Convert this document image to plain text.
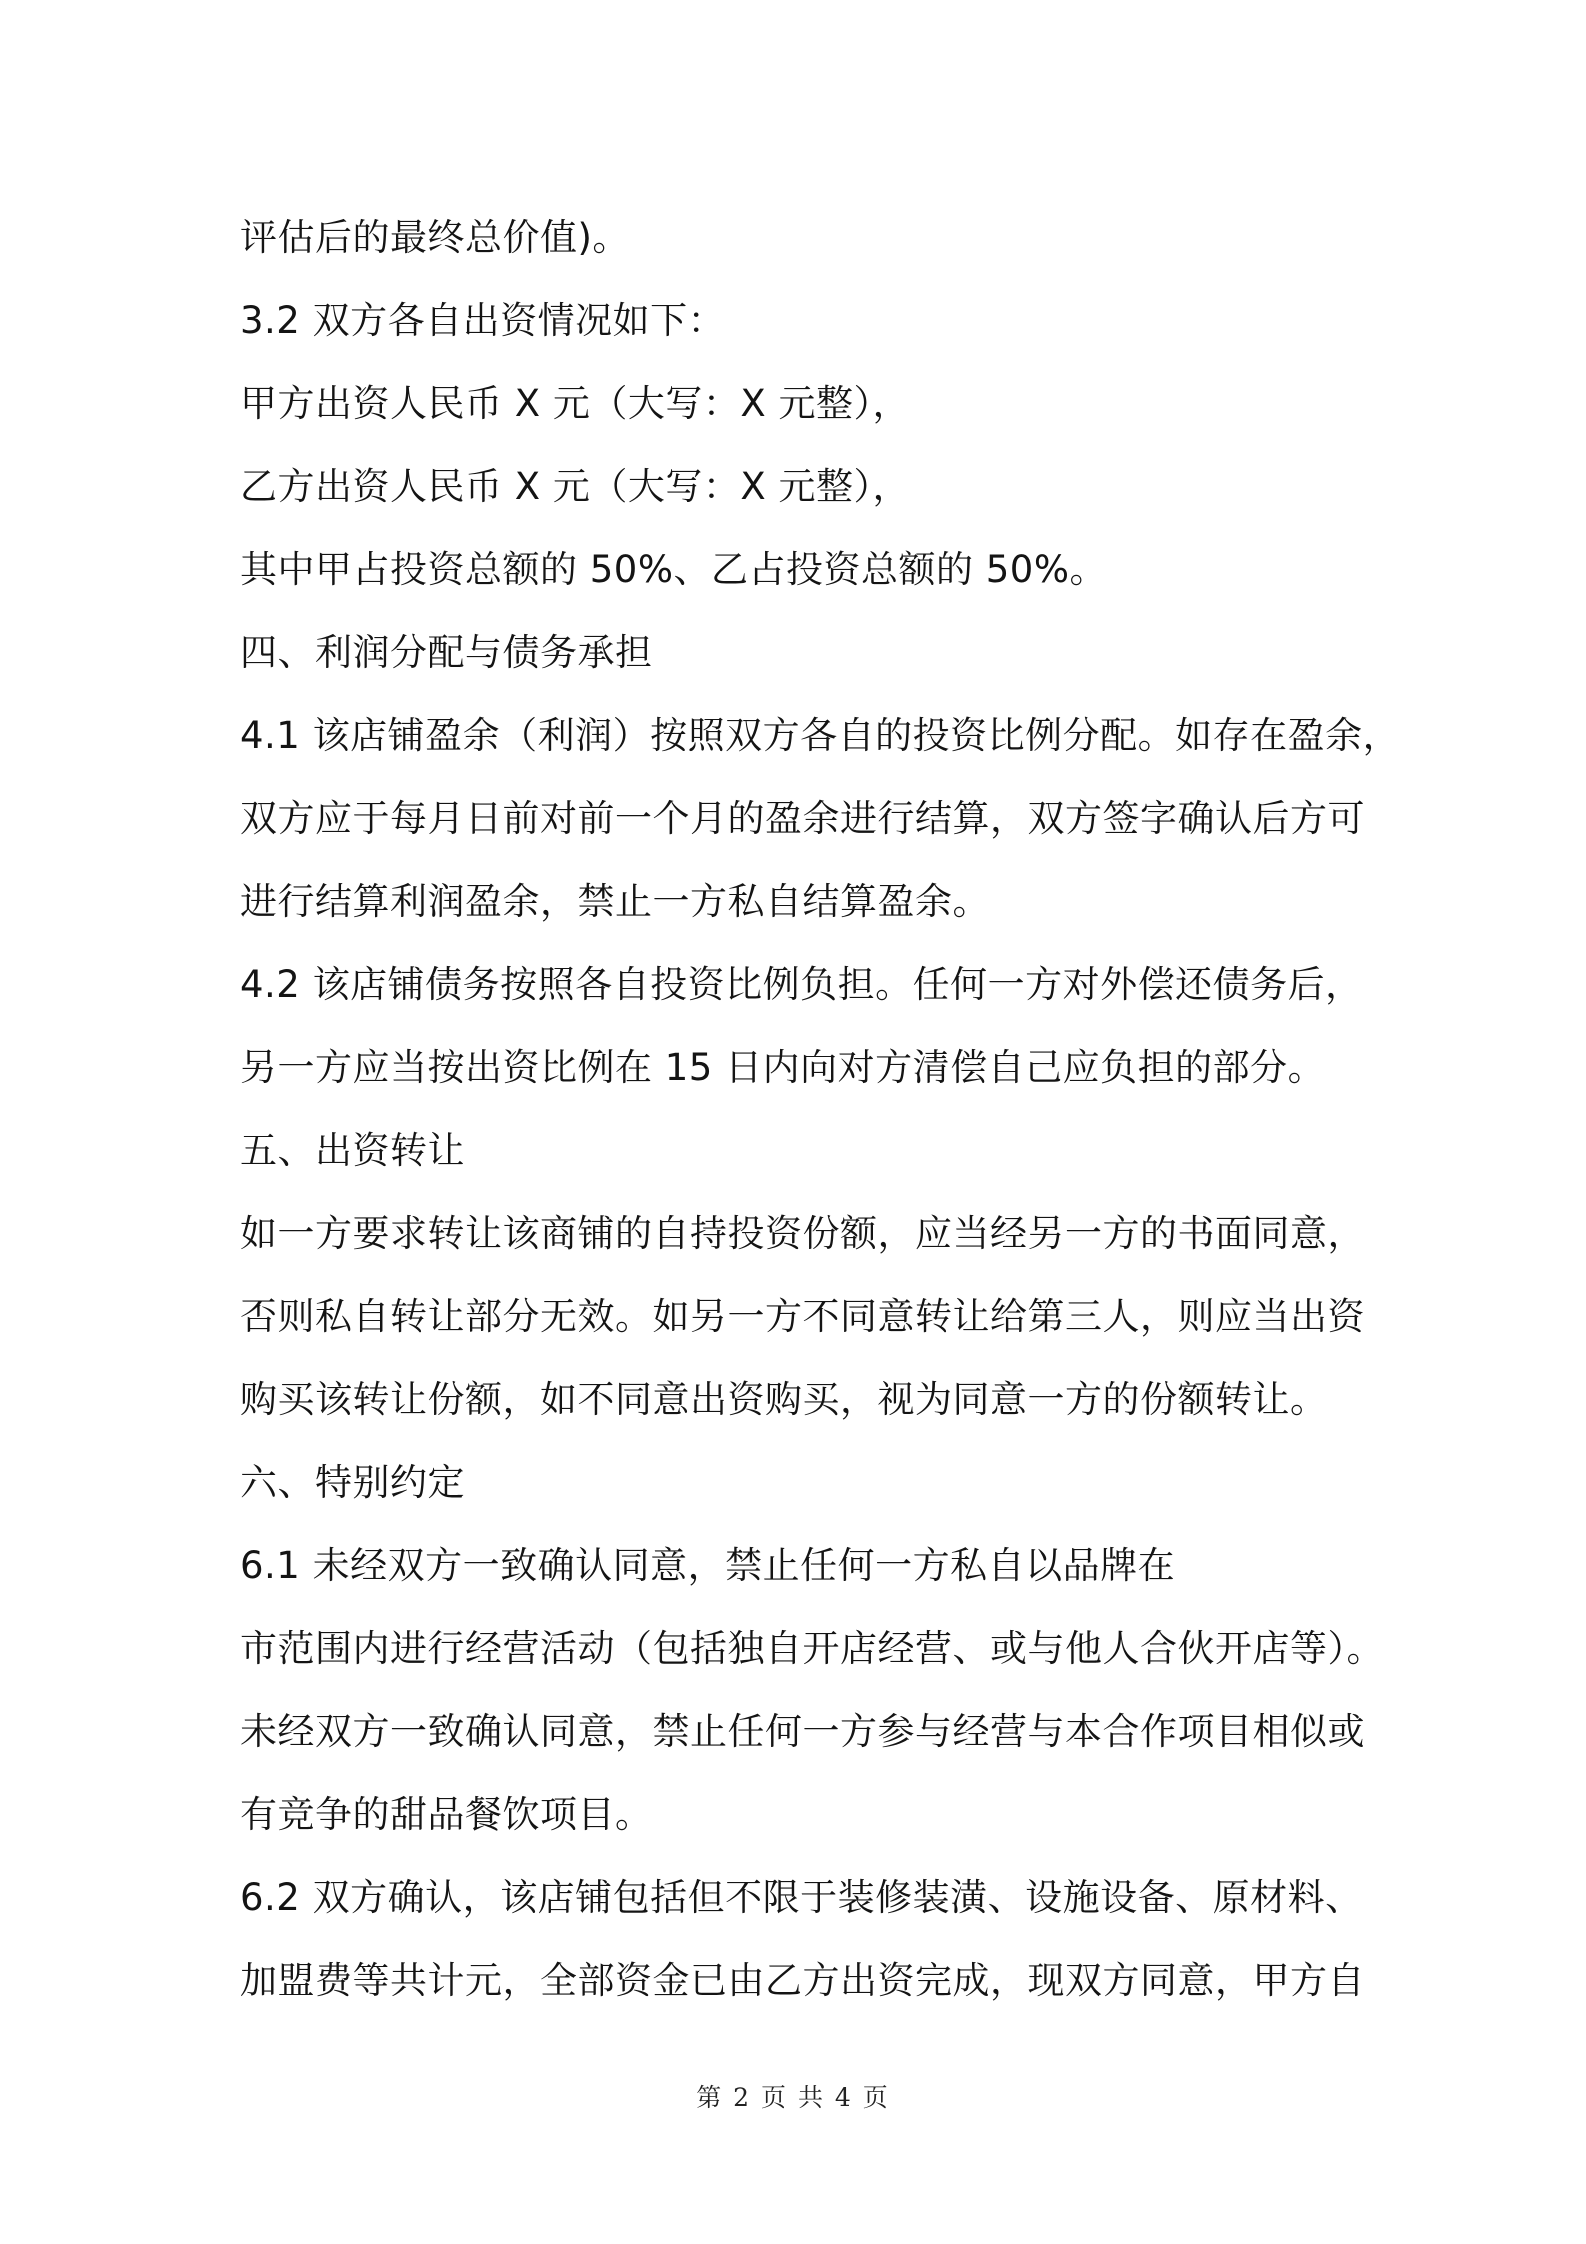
评估后的最终总价值)。
3.2 双方各自出资情况如下：
甲方出资人民币 X 元（大写：X 元整），
乙方出资人民币 X 元（大写：X 元整），
其中甲占投资总额的 50%、乙占投资总额的 50%。
四、利润分配与债务承担
4.1 该店铺盈余（利润）按照双方各自的投资比例分配。如存在盈余，
双方应于每月日前对前一个月的盈余进行结算，双方签字确认后方可
进行结算利润盈余，禁止一方私自结算盈余。
4.2 该店铺债务按照各自投资比例负担。任何一方对外偿还债务后，
另一方应当按出资比例在 15 日内向对方清偿自己应负担的部分。
五、出资转让
如一方要求转让该商铺的自持投资份额，应当经另一方的书面同意，
否则私自转让部分无效。如另一方不同意转让给第三人，则应当出资
购买该转让份额，如不同意出资购买，视为同意一方的份额转让。
六、特别约定
6.1 未经双方一致确认同意，禁止任何一方私自以品牌在
市范围内进行经营活动（包括独自开店经营、或与他人合伙开店等）。
未经双方一致确认同意，禁止任何一方参与经营与本合作项目相似或
有竞争的甜品餐饮项目。
6.2 双方确认，该店铺包括但不限于装修装潢、设施设备、原材料、
加盟费等共计元，全部资金已由乙方出资完成，现双方同意，甲方自
第 2 页 共 4 页
